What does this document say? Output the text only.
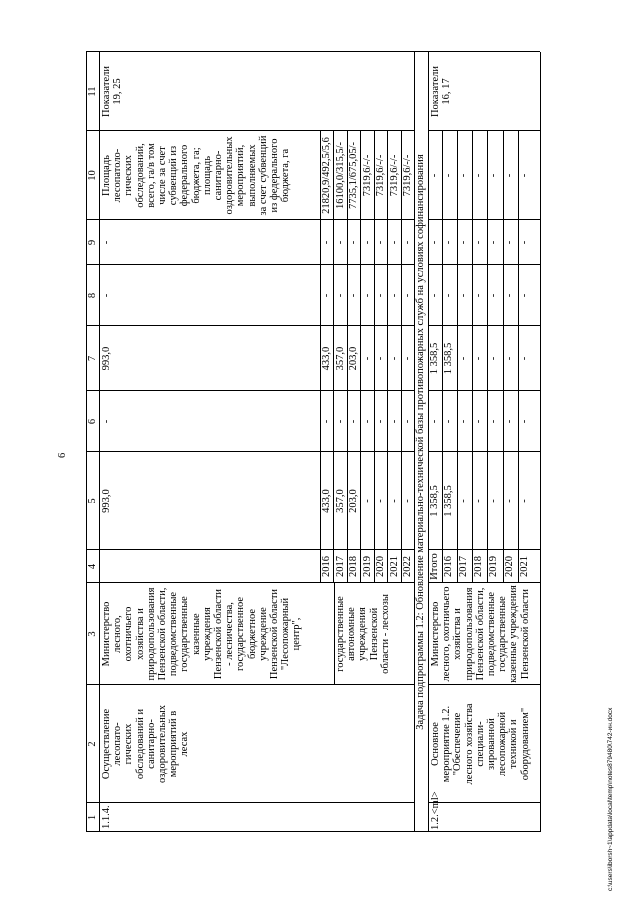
6
c:\users\iborsh~1\appdata\local\temp\notes879480\742-ин.docx
1
2
3
4
5
6
7
8
9
10
11
1.1.4.
Осуществление
лесопато-
гических
обследований и
санитарно-
оздоровительных
мероприятий в
лесах
Министерство
лесного,
охотничьего
хозяйства и
природопользования
Пензенской области,
подведомственные
государственные
казенные
учреждения
Пензенской области
- лесничества,
государственное
бюджетное
учреждение
Пензенской области
"Лесопожарный
центр",	государственные
автономные
учреждения
Пензенской
области - лесхозы
993,0
-
993,0
-
-
Площадь
лесопатоло-
гических
обследований,
всего, га/в том
числе за счет
субвенций из
федерального
бюджета, га;
площадь
санитарно-
оздоровительных
мероприятий,
выполняемых
за счет субвенций
из федерального
бюджета, га
Показатели
19, 25
2016
433,0
-
433,0
-
-
21820,9/492,5/5,6
2017
357,0
-
357,0
-
-
16100,0/315,5/-
2018
203,0
-
203,0
-
-
7735,1/675,05/-
2019
-
-
-
-
-
7319,6/-/-
2020
-
-
-
-
-
7319,6/-/-
2021
-
-
-
-
-
7319,6/-/-
2022
-
-
-
-
-
7319,6/-/- Задача подпрограммы 1.2: Обновление материально-технической базы противопожарных служб на условиях софинансирования
1.2.<ml>
Основное
мероприятие 1.2.
"Обеспечение
лесного хозяйства
специали-
зированной
лесопожарной
техникой и
оборудованием"
Министерство
лесного, охотничьего
хозяйства и
природопользования
Пензенской области,
подведомственные
государственные
казенные учреждения
Пензенской области
Показатели
16, 17
Итого
1 358,5
-
1 358,5
-
-
-
2016
1 358,5
-
1 358,5
-
-
-
2017
-
-
-
-
-
-
2018
-
-
-
-
-
-
2019
-
-
-
-
-
-
2020
-
-
-
-
-
-
2021
-
-
-
-
-
-
